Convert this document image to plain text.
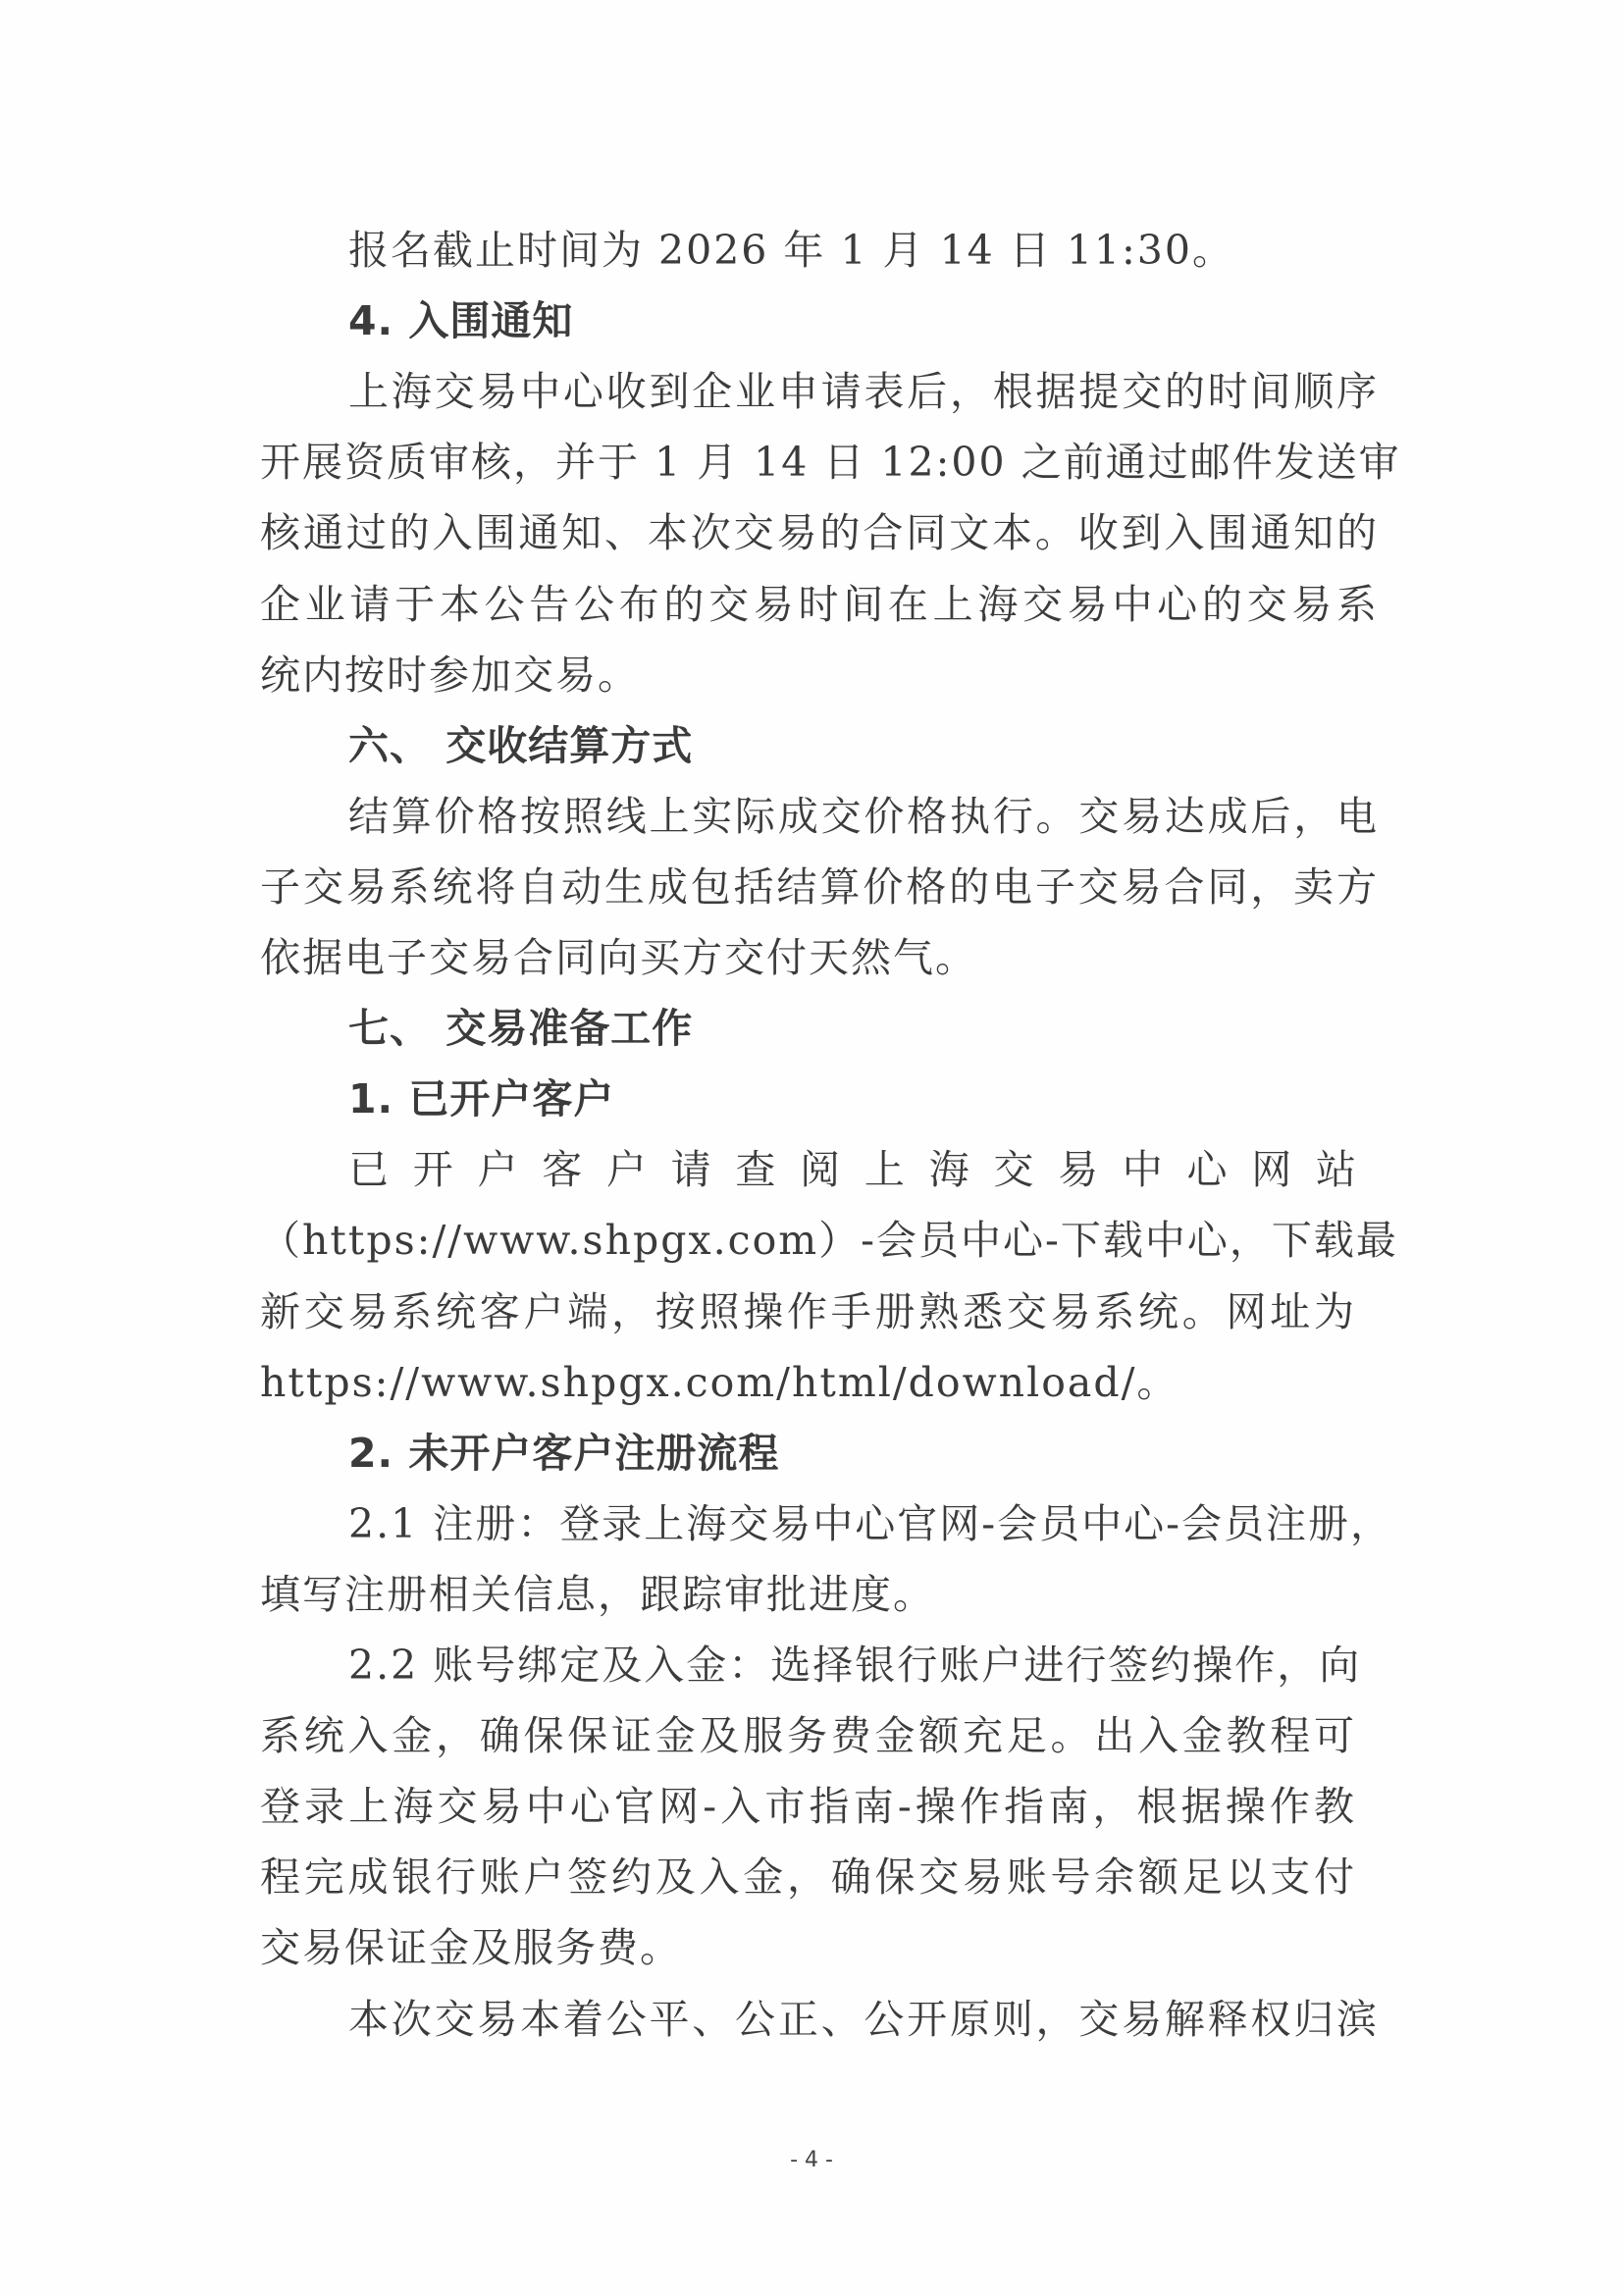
报名截止时间为 2026 年 1 月 14 日 11:30。
4. 入围通知
上海交易中心收到企业申请表后，根据提交的时间顺序
开展资质审核，并于 1 月 14 日 12:00 之前通过邮件发送审
核通过的入围通知、本次交易的合同文本。收到入围通知的
企业请于本公告公布的交易时间在上海交易中心的交易系
统内按时参加交易。
六、 交收结算方式
结算价格按照线上实际成交价格执行。交易达成后，电
子交易系统将自动生成包括结算价格的电子交易合同，卖方
依据电子交易合同向买方交付天然气。
七、 交易准备工作
1. 已开户客户
已开户客户请查阅上海交易中心网站
（https://www.shpgx.com）-会员中心-下载中心，下载最
新交易系统客户端，按照操作手册熟悉交易系统。网址为
https://www.shpgx.com/html/download/。
2. 未开户客户注册流程
2.1 注册：登录上海交易中心官网-会员中心-会员注册，
填写注册相关信息，跟踪审批进度。
2.2 账号绑定及入金：选择银行账户进行签约操作，向
系统入金，确保保证金及服务费金额充足。出入金教程可
登录上海交易中心官网-入市指南-操作指南，根据操作教
程完成银行账户签约及入金，确保交易账号余额足以支付
交易保证金及服务费。
本次交易本着公平、公正、公开原则，交易解释权归滨
- 4 -
